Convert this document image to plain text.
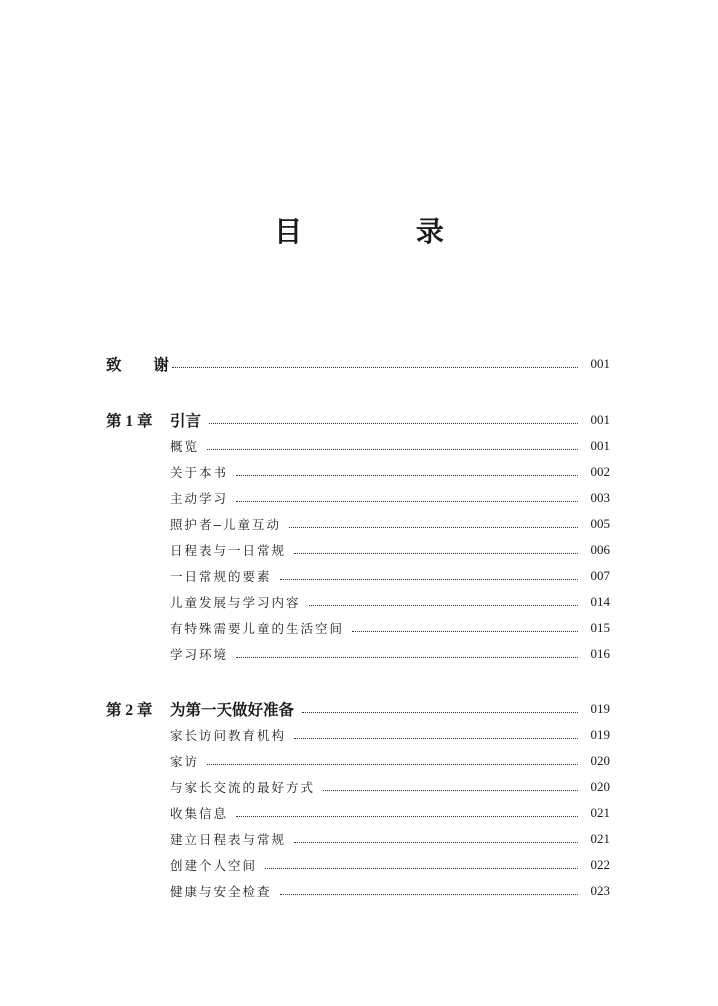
目 录
致 谢	001
第 1 章	引言	001
概览	001
关于本书	002
主动学习	003
照护者–儿童互动	005
日程表与一日常规	006
一日常规的要素	007
儿童发展与学习内容	014
有特殊需要儿童的生活空间	015
学习环境	016
第 2 章	为第一天做好准备	019
家长访问教育机构	019
家访	020
与家长交流的最好方式	020
收集信息	021
建立日程表与常规	021
创建个人空间	022
健康与安全检查	023
